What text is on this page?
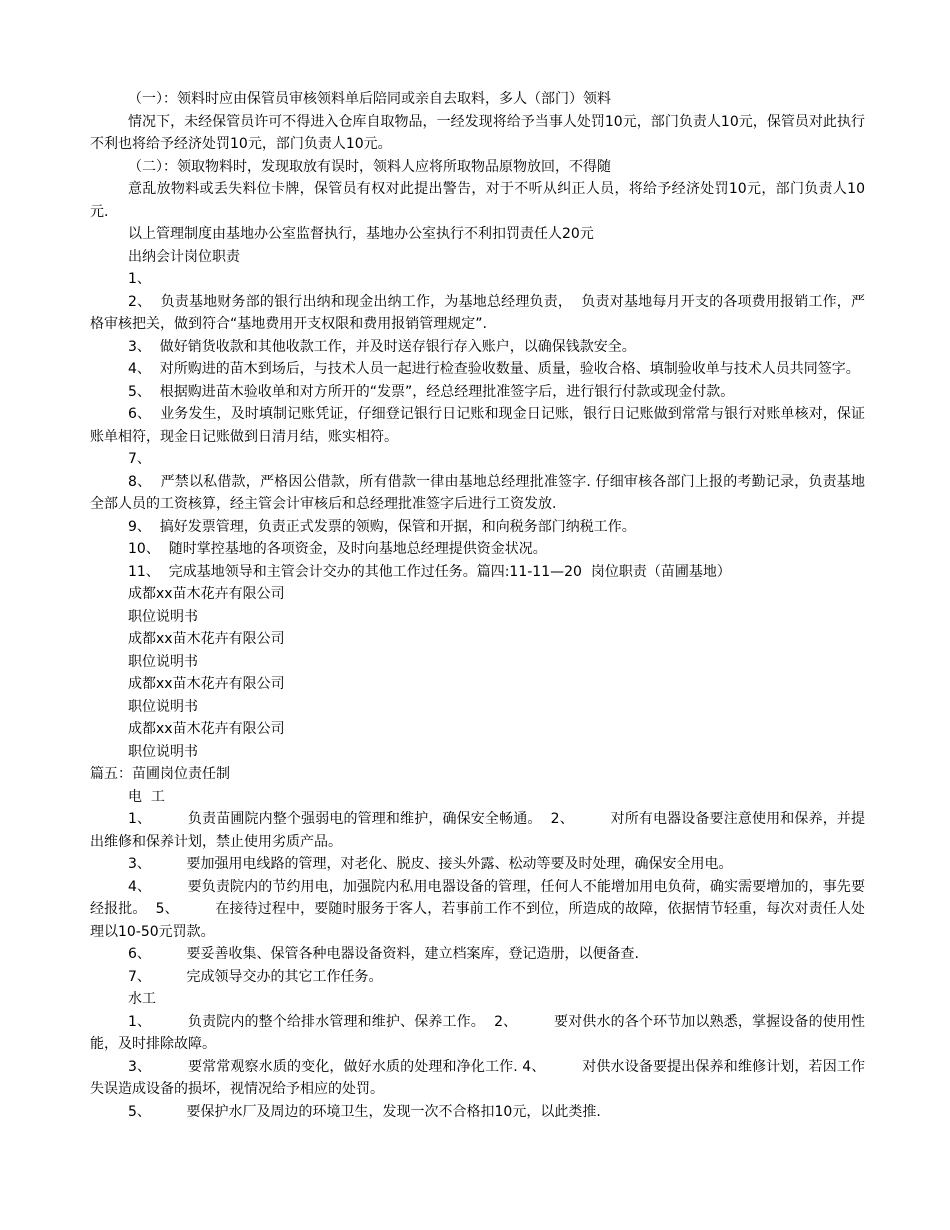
（一）：领料时应由保管员审核领料单后陪同或亲自去取料，多人（部门）领料

情况下，未经保管员许可不得进入仓库自取物品，一经发现将给予当事人处罚10元，部门负责人10元，保管员对此执行不利也将给予经济处罚10元，部门负责人10元。

（二）：领取物料时，发现取放有误时，领料人应将所取物品原物放回，不得随

意乱放物料或丢失料位卡牌，保管员有权对此提出警告，对于不听从纠正人员，将给予经济处罚10元，部门负责人10元.

以上管理制度由基地办公室监督执行，基地办公室执行不利扣罚责任人20元

出纳会计岗位职责

1、

2、  负责基地财务部的银行出纳和现金出纳工作，为基地总经理负责，  负责对基地每月开支的各项费用报销工作，严格审核把关，做到符合“基地费用开支权限和费用报销管理规定”.

3、  做好销货收款和其他收款工作，并及时送存银行存入账户，以确保钱款安全。

4、  对所购进的苗木到场后，与技术人员一起进行检查验收数量、质量，验收合格、填制验收单与技术人员共同签字。

5、  根据购进苗木验收单和对方所开的“发票”，经总经理批准签字后，进行银行付款或现金付款。

6、  业务发生，及时填制记账凭证，仔细登记银行日记账和现金日记账，银行日记账做到常常与银行对账单核对，保证账单相符，现金日记账做到日清月结，账实相符。

7、

8、  严禁以私借款，严格因公借款，所有借款一律由基地总经理批准签字. 仔细审核各部门上报的考勤记录，负责基地全部人员的工资核算，经主管会计审核后和总经理批准签字后进行工资发放.

9、  搞好发票管理，负责正式发票的领购，保管和开据，和向税务部门纳税工作。

10、  随时掌控基地的各项资金，及时向基地总经理提供资金状况。

11、  完成基地领导和主管会计交办的其他工作过任务。篇四:11-11—20  岗位职责（苗圃基地）

成都xx苗木花卉有限公司

职位说明书

成都xx苗木花卉有限公司

职位说明书

成都xx苗木花卉有限公司

职位说明书

成都xx苗木花卉有限公司

职位说明书

篇五：苗圃岗位责任制

电  工

1、        负责苗圃院内整个强弱电的管理和维护，确保安全畅通。  2、        对所有电器设备要注意使用和保养，并提出维修和保养计划，禁止使用劣质产品。

3、        要加强用电线路的管理，对老化、脱皮、接头外露、松动等要及时处理，确保安全用电。

4、        要负责院内的节约用电，加强院内私用电器设备的管理，任何人不能增加用电负荷，确实需要增加的，事先要经报批。  5、        在接待过程中，要随时服务于客人，若事前工作不到位，所造成的故障，依据情节轻重，每次对责任人处理以10-50元罚款。

6、        要妥善收集、保管各种电器设备资料，建立档案库，登记造册，以便备查.

7、        完成领导交办的其它工作任务。

水工

1、        负责院内的整个给排水管理和维护、保养工作。  2、        要对供水的各个环节加以熟悉，掌握设备的使用性能，及时排除故障。

3、        要常常观察水质的变化，做好水质的处理和净化工作. 4、        对供水设备要提出保养和维修计划，若因工作失误造成设备的损坏，视情况给予相应的处罚。

5、        要保护水厂及周边的环境卫生，发现一次不合格扣10元，以此类推.
